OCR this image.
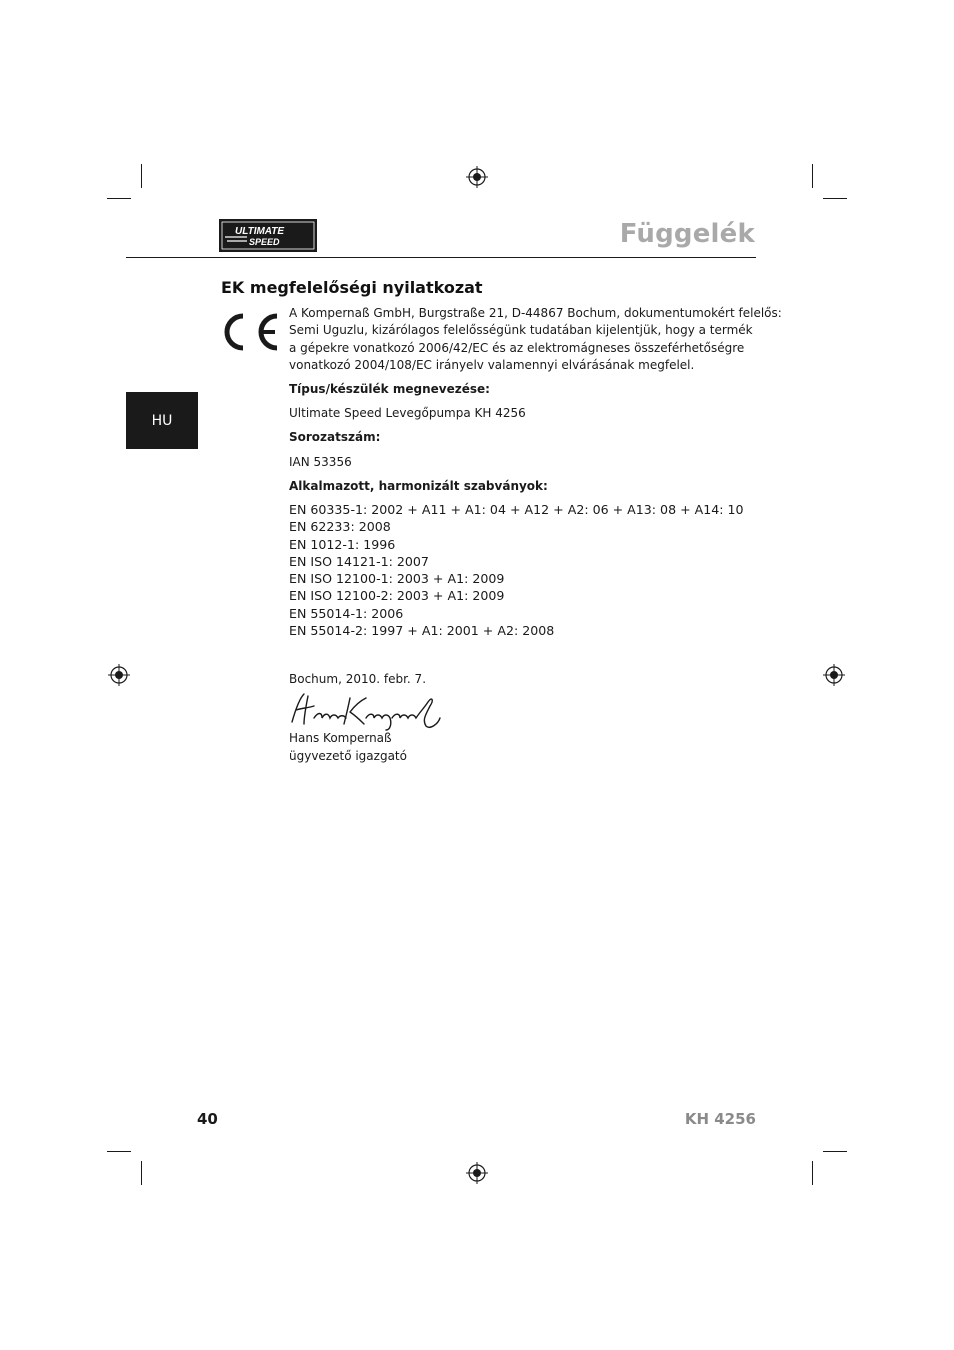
ULTIMATE
SPEED	Függelék
HU
EK megfelelőségi nyilatkozat
A Kompernaß GmbH, Burgstraße 21, D-44867 Bochum, dokumentumokért felelős:
Semi Uguzlu, kizárólagos felelősségünk tudatában kijelentjük, hogy a termék
a gépekre vonatkozó 2006/42/EC és az elektromágneses összeférhetőségre
vonatkozó 2004/108/EC irányelv valamennyi elvárásának megfelel.
Típus/készülék megnevezése:
Ultimate Speed Levegőpumpa KH 4256
Sorozatszám:
IAN 53356
Alkalmazott, harmonizált szabványok:
EN 60335-1: 2002 + A11 + A1: 04 + A12 + A2: 06 + A13: 08 + A14: 10
EN 62233: 2008
EN 1012-1: 1996
EN ISO 14121-1: 2007
EN ISO 12100-1: 2003 + A1: 2009
EN ISO 12100-2: 2003 + A1: 2009
EN 55014-1: 2006
EN 55014-2: 1997 + A1: 2001 + A2: 2008
Bochum, 2010. febr. 7.
Hans Kompernaß
ügyvezető igazgató
40	KH 4256
